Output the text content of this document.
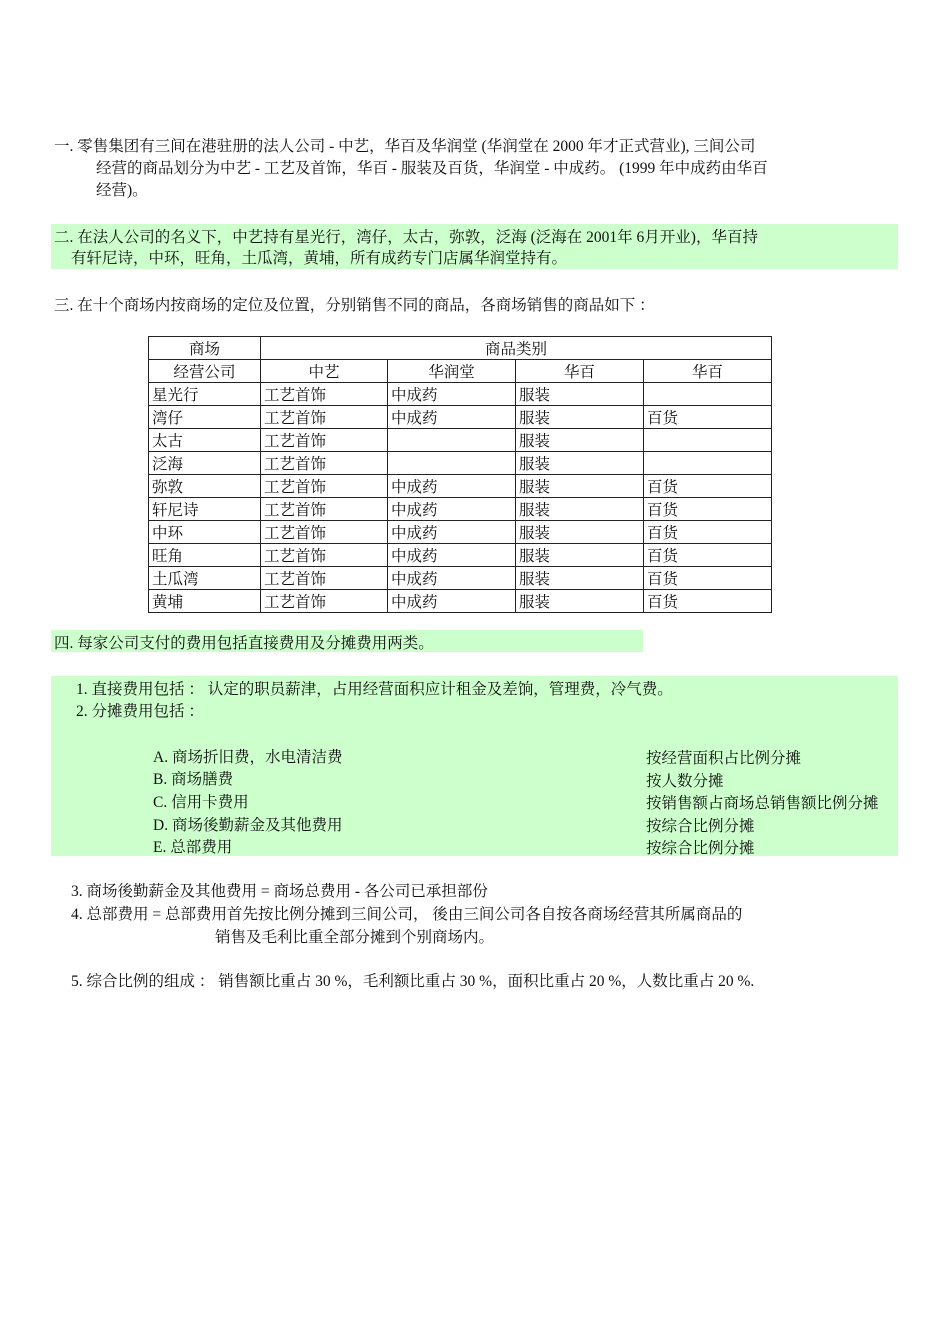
一. 零售集团有三间在港驻册的法人公司 - 中艺，华百及华润堂 (华润堂在 2000 年才正式营业), 三间公司
经营的商品划分为中艺 - 工艺及首饰，华百 - 服装及百货，华润堂 - 中成药。 (1999 年中成药由华百
经营)。
二. 在法人公司的名义下，中艺持有星光行，湾仔，太古，弥敦，泛海 (泛海在 2001年 6月开业)，华百持
有轩尼诗，中环，旺角，土瓜湾，黄埔，所有成药专门店属华润堂持有。
三. 在十个商场内按商场的定位及位置，分别销售不同的商品，各商场销售的商品如下 ：
商场	商品类别			
经营公司	中艺	华润堂	华百	华百
星光行	工艺首饰	中成药	服装	
湾仔	工艺首饰	中成药	服装	百货
太古	工艺首饰		服装	
泛海	工艺首饰		服装	
弥敦	工艺首饰	中成药	服装	百货
轩尼诗	工艺首饰	中成药	服装	百货
中环	工艺首饰	中成药	服装	百货
旺角	工艺首饰	中成药	服装	百货
土瓜湾	工艺首饰	中成药	服装	百货
黄埔	工艺首饰	中成药	服装	百货
四. 每家公司支付的费用包括直接费用及分摊费用两类。
1. 直接费用包括 ： 认定的职员薪津，占用经营面积应计租金及差饷，管理费，冷气费。
2. 分摊费用包括 ：
A. 商场折旧费，水电清洁费	按经营面积占比例分摊
B. 商场膳费	按人数分摊
C. 信用卡费用	按销售额占商场总销售额比例分摊
D. 商场後勤薪金及其他费用	按综合比例分摊
E. 总部费用	按综合比例分摊
3. 商场後勤薪金及其他费用 = 商场总费用 - 各公司已承担部份
4. 总部费用 = 总部费用首先按比例分摊到三间公司， 後由三间公司各自按各商场经营其所属商品的
销售及毛利比重全部分摊到个别商场内。
5. 综合比例的组成 ： 销售额比重占 30 %，毛利额比重占 30 %，面积比重占 20 %，人数比重占 20 %.
